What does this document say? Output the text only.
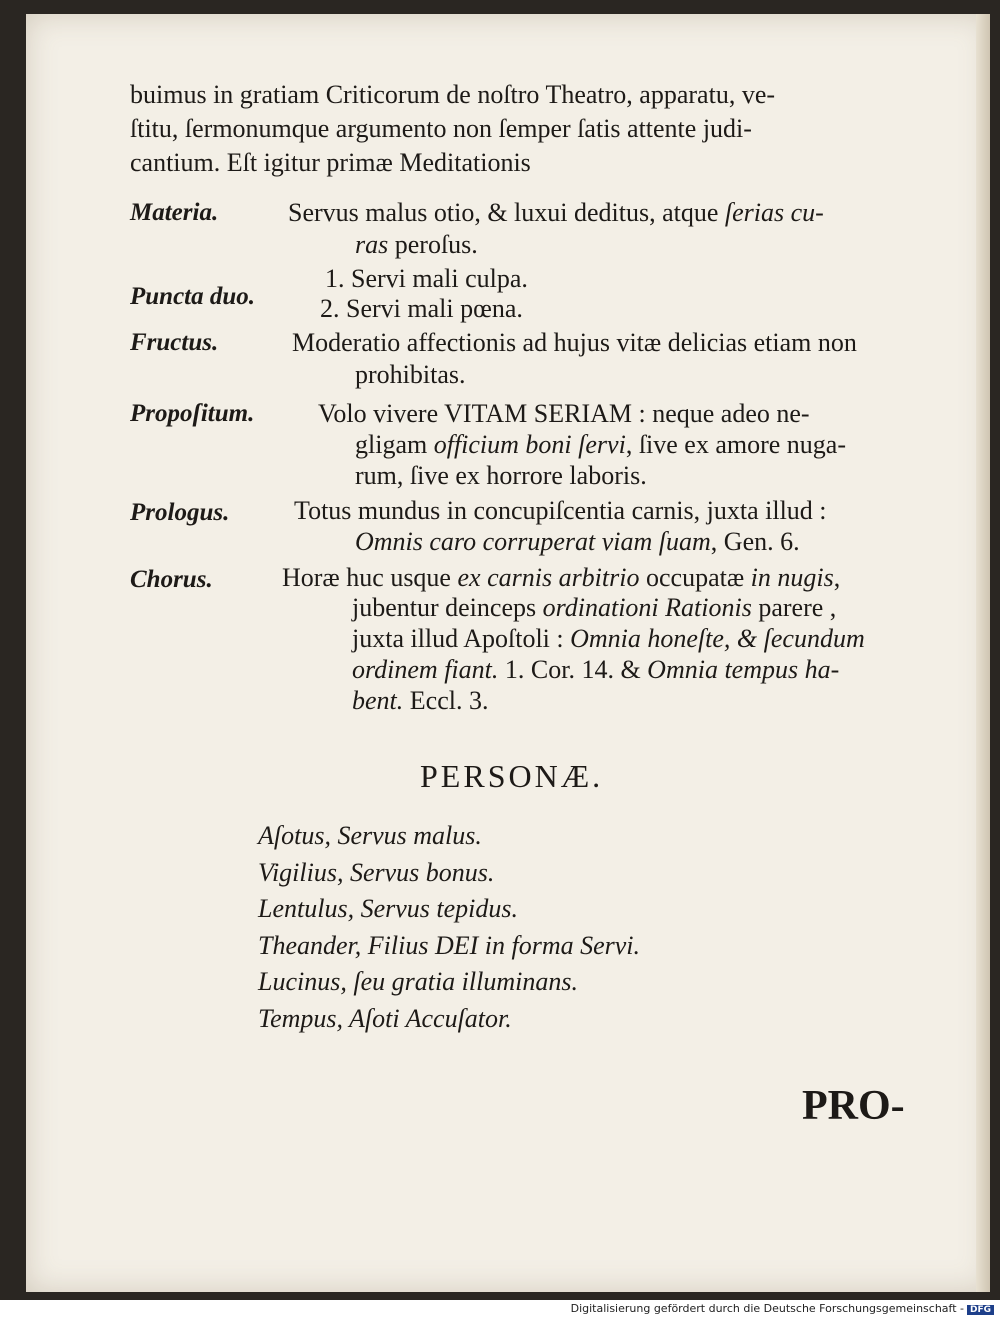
buimus in gratiam Criticorum de noſtro Theatro, apparatu, ve-
ſtitu, ſermonumque argumento non ſemper ſatis attente judi-
cantium. Eſt igitur primæ Meditationis
Materia.	Servus malus otio, & luxui deditus, atque ſerias cu-
ras peroſus.
Puncta duo.
1. Servi mali culpa.
2. Servi mali pœna.
Fructus.	Moderatio affectionis ad hujus vitæ delicias etiam non
prohibitas.
Propoſitum. Volo vivere VITAM SERIAM : neque adeo ne-
gligam officium boni ſervi, ſive ex amore nuga-
rum, ſive ex horrore laboris.
Prologus. Totus mundus in concupiſcentia carnis, juxta illud :
Omnis caro corruperat viam ſuam, Gen. 6.
Chorus.	Horæ huc usque ex carnis arbitrio occupatæ in nugis,
jubentur deinceps ordinationi Rationis parere ,
juxta illud Apoſtoli : Omnia honeſte, & ſecundum
ordinem fiant. 1. Cor. 14. & Omnia tempus ha-
bent. Eccl. 3.
PERSONÆ.
Aſotus, Servus malus.
Vigilius, Servus bonus.
Lentulus, Servus tepidus.
Theander, Filius DEI in forma Servi.
Lucinus, ſeu gratia illuminans.
Tempus, Aſoti Accuſator.
PRO-
Digitalisierung gefördert durch die Deutsche Forschungsgemeinschaft - DFG
